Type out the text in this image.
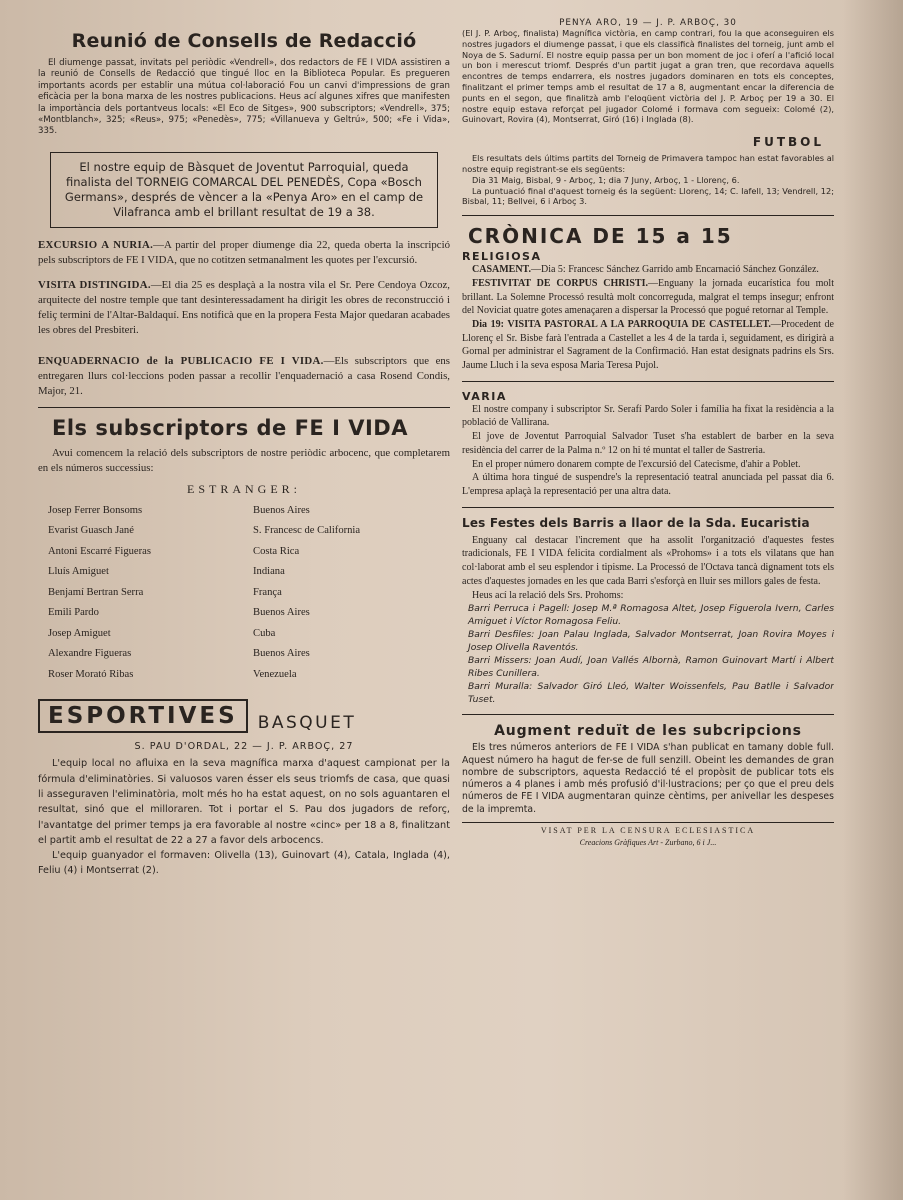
Reunió de Consells de Redacció

El diumenge passat, invitats pel periòdic «Vendrell», dos redactors de FE I VIDA assistiren a la reunió de Consells de Redacció que tingué lloc en la Biblioteca Popular. Es pregueren importants acords per establir una mútua col·laboració Fou un canvi d'impressions de gran eficàcia per la bona marxa de les nostres publicacions. Heus ací algunes xifres que manifesten la importància dels portantveus locals: «El Eco de Sitges», 900 subscriptors; «Vendrell», 375; «Montblanch», 325; «Reus», 975; «Penedès», 775; «Villanueva y Geltrú», 500; «Fe i Vida», 335.

El nostre equip de Bàsquet de Joventut Parroquial, queda finalista del TORNEIG COMARCAL DEL PENEDÈS, Copa «Bosch Germans», després de vèncer a la «Penya Aro» en el camp de Vilafranca amb el brillant resultat de 19 a 38.

EXCURSIO A NURIA.—A partir del proper diumenge dia 22, queda oberta la inscripció pels subscriptors de FE I VIDA, que no cotitzen setmanalment les quotes per l'excursió.

VISITA DISTINGIDA.—El dia 25 es desplaçà a la nostra vila el Sr. Pere Cendoya Ozcoz, arquitecte del nostre temple que tant desinteressadament ha dirigit les obres de reconstrucció i feliç termini de l'Altar-Baldaquí. Ens notificà que en la propera Festa Major quedaran acabades les obres del Presbiteri.

ENQUADERNACIO de la PUBLICACIO FE I VIDA.—Els subscriptors que ens entregaren llurs col·leccions poden passar a recollir l'enquadernació a casa Rosend Condis, Major, 21.

Els subscriptors de FE I VIDA

Avui comencem la relació dels subscriptors de nostre periòdic arbocenc, que completarem en els números successius:

ESTRANGER:
Josep Ferrer Bonsoms
Evarist Guasch Jané
Antoni Escarré Figueras
Lluís Amiguet
Benjamí Bertran Serra
Emili Pardo
Josep Amiguet
Alexandre Figueras
Roser Morató Ribas
Buenos Aires
S. Francesc de California
Costa Rica
Indiana
França
Buenos Aires
Cuba
Buenos Aires
Venezuela
ESPORTIVES	BASQUET
S. PAU D'ORDAL, 22 — J. P. ARBOÇ, 27

L'equip local no afluixa en la seva magnífica marxa d'aquest campionat per la fórmula d'eliminatòries. Si valuosos varen ésser els seus triomfs de casa, que quasi li asseguraven l'eliminatòria, molt més ho ha estat aquest, on no sols aguantaren el resultat, sinó que el milloraren. Tot i portar el S. Pau dos jugadors de reforç, l'avantatge del primer temps ja era favorable al nostre «cinc» per 18 a 8, finalitzant el partit amb el resultat de 22 a 27 a favor dels arbocencs.

L'equip guanyador el formaven: Olivella (13), Guinovart (4), Catala, Inglada (4), Feliu (4) i Montserrat (2).

PENYA ARO, 19 — J. P. ARBOÇ, 30

(El J. P. Arboç, finalista) Magnífica victòria, en camp contrari, fou la que aconseguiren els nostres jugadors el diumenge passat, i que els classificà finalistes del torneig, junt amb el Noya de S. Sadurní. El nostre equip passa per un bon moment de joc i oferí a l'afició local un bon i merescut triomf. Després d'un partit jugat a gran tren, que recordava aquells encontres de temps endarrera, els nostres jugadors dominaren en tots els conceptes, finalitzant el primer temps amb el resultat de 17 a 8, augmentant encar la diferencia de punts en el segon, que finalitzà amb l'eloqüent victòria del J. P. Arboç per 19 a 30. El nostre equip estava reforçat pel jugador Colomé i formava com segueix: Colomé (2), Guinovart, Rovira (4), Montserrat, Giró (16) i Inglada (8).

FUTBOL

Els resultats dels últims partits del Torneig de Primavera tampoc han estat favorables al nostre equip registrant-se els següents:

Dia 31 Maig, Bisbal, 9 - Arboç, 1; dia 7 Juny, Arboç, 1 - Llorenç, 6.

La puntuació final d'aquest torneig és la següent: Llorenç, 14; C. Iafell, 13; Vendrell, 12; Bisbal, 11; Bellvei, 6 i Arboç 3.

CRÒNICA DE 15 a 15
RELIGIOSA

CASAMENT.—Dia 5: Francesc Sánchez Garrido amb Encarnació Sánchez González.

FESTIVITAT DE CORPUS CHRISTI.—Enguany la jornada eucarística fou molt brillant. La Solemne Processó resultà molt concorreguda, malgrat el temps insegur; enfront del Noviciat quatre gotes amenaçaren a dispersar la Processó que pogué retornar al Temple.

Dia 19: VISITA PASTORAL A LA PARROQUIA DE CASTELLET.—Procedent de Llorenç el Sr. Bisbe farà l'entrada a Castellet a les 4 de la tarda i, seguidament, es dirigirà a Gornal per administrar el Sagrament de la Confirmació. Han estat designats padrins els Srs. Jaume Lluch i la seva esposa Maria Teresa Pujol.

VARIA

El nostre company i subscriptor Sr. Serafí Pardo Soler i família ha fixat la residència a la població de Vallirana.

El jove de Joventut Parroquial Salvador Tuset s'ha establert de barber en la seva residència del carrer de la Palma n.º 12 on hi té muntat el taller de Sastreria.

En el proper número donarem compte de l'excursió del Catecisme, d'ahir a Poblet.

A última hora tingué de suspendre's la representació teatral anunciada pel passat dia 6. L'empresa aplaçà la representació per una altra data.

Les Festes dels Barris a llaor de la Sda. Eucaristia

Enguany cal destacar l'increment que ha assolit l'organització d'aquestes festes tradicionals, FE I VIDA felicita cordialment als «Prohoms» i a tots els vilatans que han col·laborat amb el seu esplendor i tipisme. La Processó de l'Octava tancà dignament tots els actes d'aquestes jornades en les que cada Barri s'esforçà en lluir ses millors gales de festa.

Heus ací la relació dels Srs. Prohoms:

Barri Perruca i Pagell: Josep M.ª Romagosa Altet, Josep Figuerola Ivern, Carles Amiguet i Víctor Romagosa Feliu.

Barri Desfiles: Joan Palau Inglada, Salvador Montserrat, Joan Rovira Moyes i Josep Olivella Raventós.

Barri Missers: Joan Audí, Joan Vallés Albornà, Ramon Guinovart Martí i Albert Ribes Cunillera.

Barri Muralla: Salvador Giró Lleó, Walter Woissenfels, Pau Batlle i Salvador Tuset.

Augment reduït de les subcripcions

Els tres números anteriors de FE I VIDA s'han publicat en tamany doble full. Aquest número ha hagut de fer-se de full senzill. Obeint les demandes de gran nombre de subscriptors, aquesta Redacció té el propòsit de publicar tots els números a 4 planes i amb més profusió d'il·lustracions; per ço que el preu dels números de FE I VIDA augmentaran quinze cèntims, per anivellar les despeses de la impremta.

VISAT PER LA CENSURA ECLESIASTICA
Creacions Gràfiques Art - Zurbano, 6 i J...
